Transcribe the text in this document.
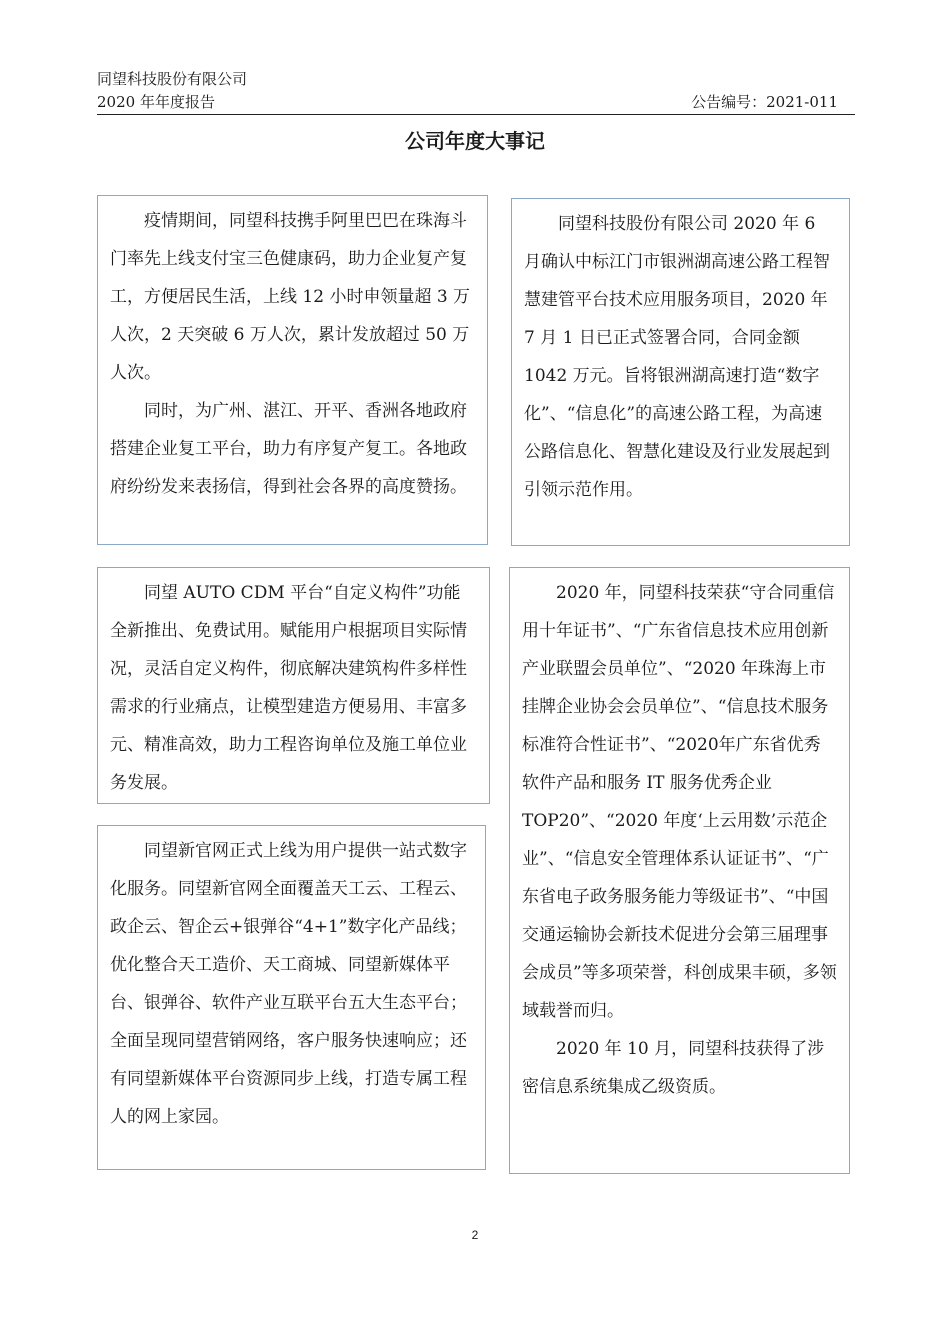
同望科技股份有限公司
2020 年年度报告	公告编号：2021-011
公司年度大事记

疫情期间，同望科技携手阿里巴巴在珠海斗门率先上线支付宝三色健康码，助力企业复产复工，方便居民生活，上线 12 小时申领量超 3 万人次，2 天突破 6 万人次，累计发放超过 50 万人次。

同时，为广州、湛江、开平、香洲各地政府搭建企业复工平台，助力有序复产复工。各地政府纷纷发来表扬信，得到社会各界的高度赞扬。

同望科技股份有限公司 2020 年 6 月确认中标江门市银洲湖高速公路工程智慧建管平台技术应用服务项目，2020 年 7 月 1 日已正式签署合同，合同金额 1042 万元。旨将银洲湖高速打造“数字化”、“信息化”的高速公路工程，为高速公路信息化、智慧化建设及行业发展起到引领示范作用。

同望 AUTO CDM 平台“自定义构件”功能全新推出、免费试用。赋能用户根据项目实际情况，灵活自定义构件，彻底解决建筑构件多样性需求的行业痛点，让模型建造方便易用、丰富多元、精准高效，助力工程咨询单位及施工单位业务发展。

同望新官网正式上线为用户提供一站式数字化服务。同望新官网全面覆盖天工云、工程云、政企云、智企云+银弹谷“4+1”数字化产品线；优化整合天工造价、天工商城、同望新媒体平台、银弹谷、软件产业互联平台五大生态平台；全面呈现同望营销网络，客户服务快速响应；还有同望新媒体平台资源同步上线，打造专属工程人的网上家园。

2020 年，同望科技荣获“守合同重信用十年证书”、“广东省信息技术应用创新产业联盟会员单位”、“2020 年珠海上市挂牌企业协会会员单位”、“信息技术服务标准符合性证书”、“2020年广东省优秀软件产品和服务 IT 服务优秀企业 TOP20”、“2020 年度‘上云用数’示范企业”、“信息安全管理体系认证证书”、“广东省电子政务服务能力等级证书”、“中国交通运输协会新技术促进分会第三届理事会成员”等多项荣誉，科创成果丰硕，多领域载誉而归。

2020 年 10 月，同望科技获得了涉密信息系统集成乙级资质。

2
